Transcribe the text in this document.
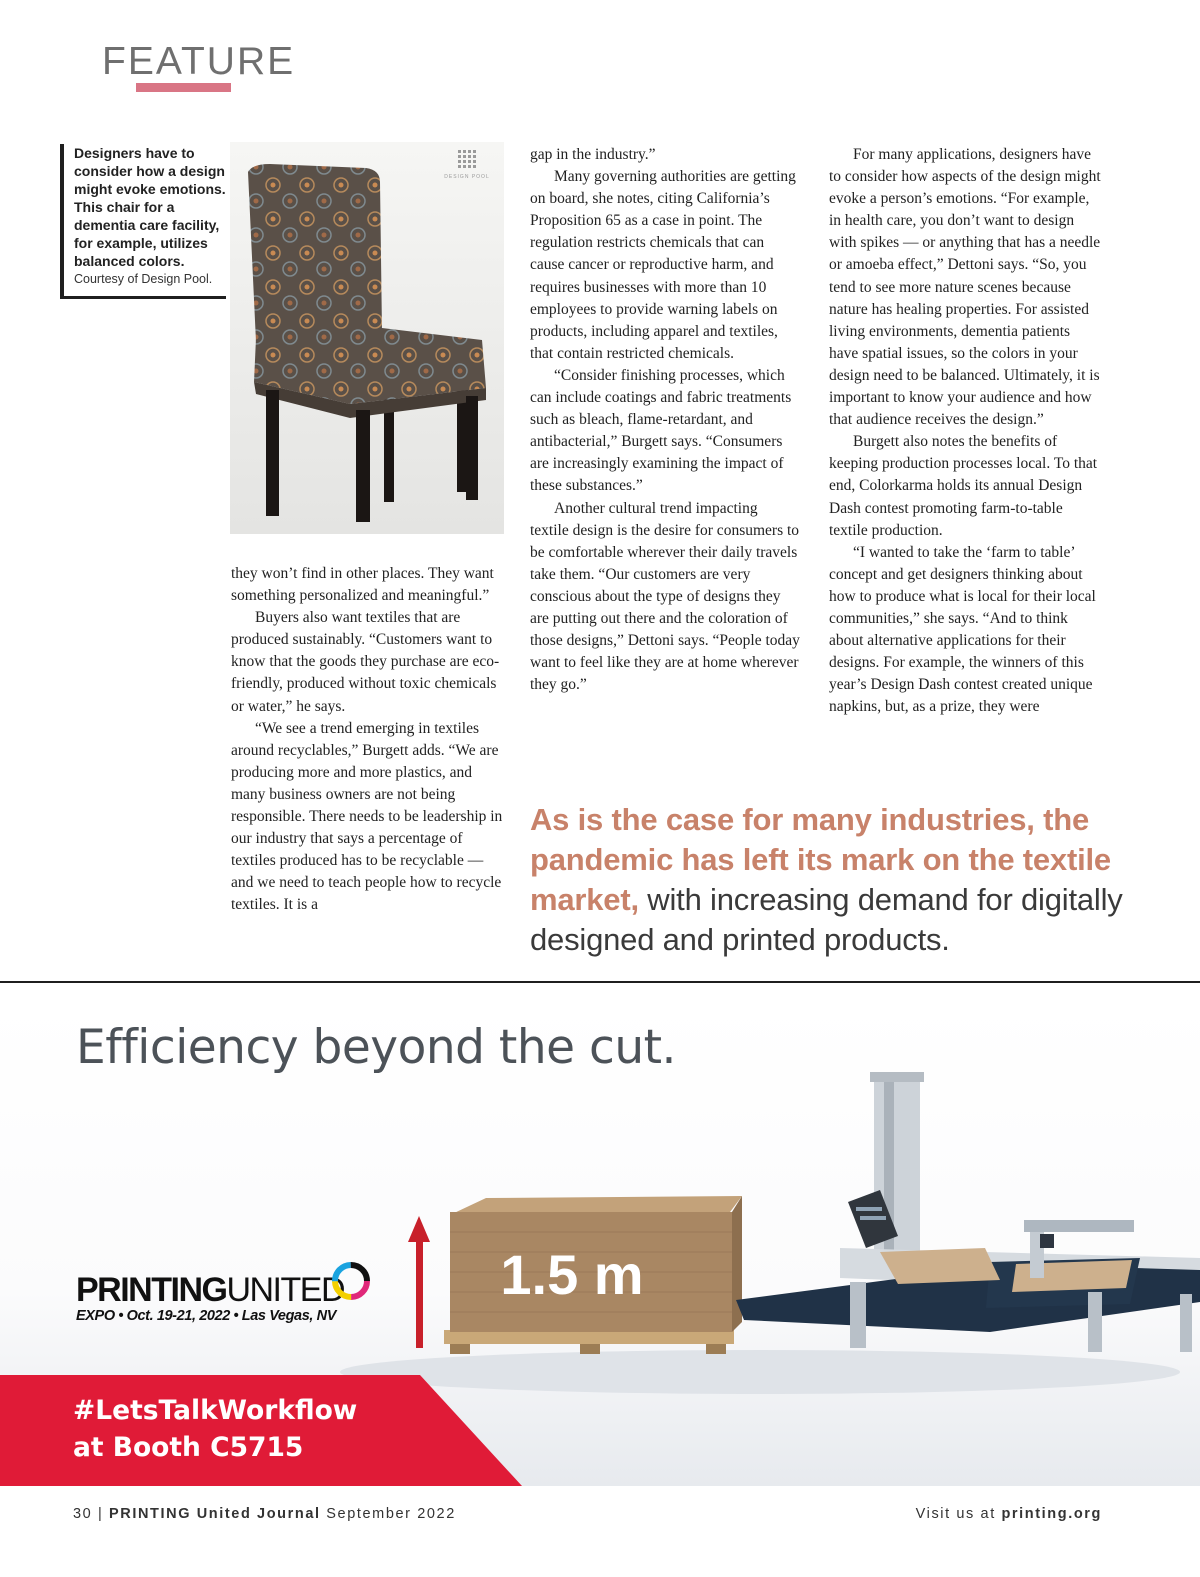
FEATURE
Designers have to consider how a design might evoke emotions. This chair for a dementia care facility, for example, utilizes balanced colors.
Courtesy of Design Pool.
DESIGN POOL

they won’t find in other places. They want something personalized and meaningful.”

Buyers also want textiles that are produced sustainably. “Customers want to know that the goods they purchase are eco-friendly, produced without toxic chemicals or water,” he says.

“We see a trend emerging in textiles around recyclables,” Burgett adds. “We are producing more and more plastics, and many business owners are not being responsible. There needs to be leadership in our industry that says a percentage of textiles produced has to be recyclable — and we need to teach people how to recycle textiles. It is a

gap in the industry.”

Many governing authorities are getting on board, she notes, citing California’s Proposition 65 as a case in point. The regulation restricts chemicals that can cause cancer or reproductive harm, and requires businesses with more than 10 employees to provide warning labels on products, including apparel and textiles, that contain restricted chemicals.

“Consider finishing processes, which can include coatings and fabric treatments such as bleach, flame-retardant, and antibacterial,” Burgett says. “Consumers are increasingly examining the impact of these substances.”

Another cultural trend impacting textile design is the desire for consumers to be comfortable wherever their daily travels take them. “Our customers are very conscious about the type of designs they are putting out there and the coloration of those designs,” Dettoni says. “People today want to feel like they are at home wherever they go.”

For many applications, designers have to consider how aspects of the design might evoke a person’s emotions. “For example, in health care, you don’t want to design with spikes — or anything that has a needle or amoeba effect,” Dettoni says. “So, you tend to see more nature scenes because nature has healing properties. For assisted living environments, dementia patients have spatial issues, so the colors in your design need to be balanced. Ultimately, it is important to know your audience and how that audience receives the design.”

Burgett also notes the benefits of keeping production processes local. To that end, Colorkarma holds its annual Design Dash contest promoting farm-to-table textile production.

“I wanted to take the ‘farm to table’ concept and get designers thinking about how to produce what is local for their local communities,” she says. “And to think about alternative applications for their designs. For example, the winners of this year’s Design Dash contest created unique napkins, but, as a prize, they were

As is the case for many industries, the pandemic has left its mark on the textile market, with increasing demand for digitally designed and printed products.
1.5 m
Efficiency beyond the cut.
PRINTINGUNITED
EXPO • Oct. 19-21, 2022 • Las Vegas, NV
#LetsTalkWorkflow
at Booth C5715
30 | PRINTING United Journal September 2022	Visit us at printing.org
